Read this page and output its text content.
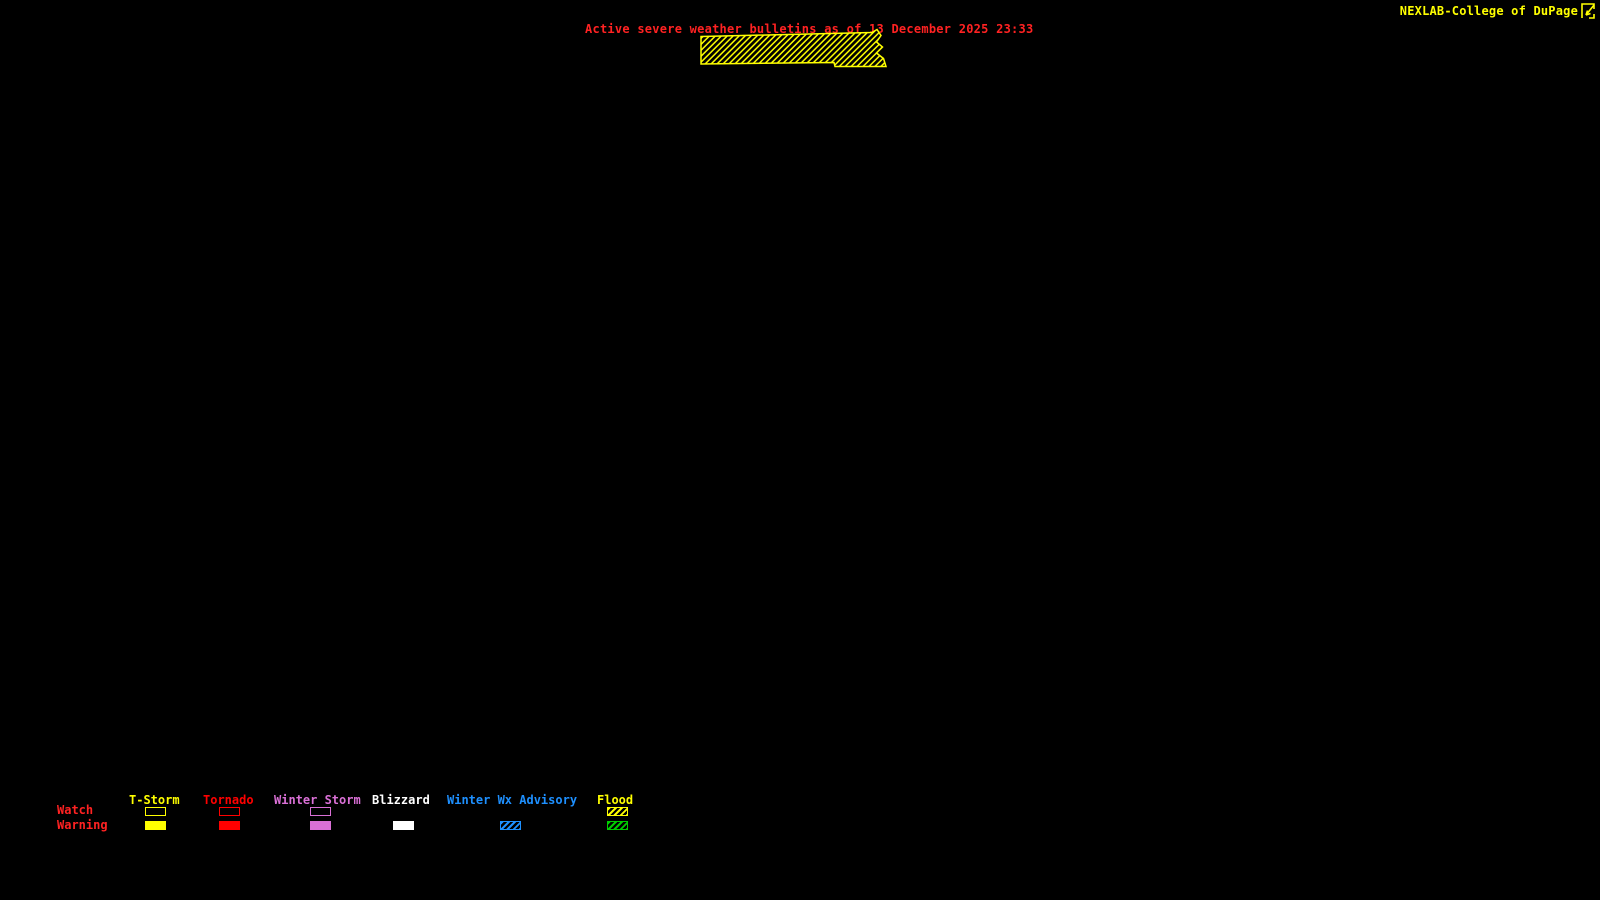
NEXLAB-College of DuPage
Active severe weather bulletins as of 13 December 2025 23:33
Watch
Warning
T-Storm Tornado Winter Storm Blizzard Winter Wx Advisory Flood
